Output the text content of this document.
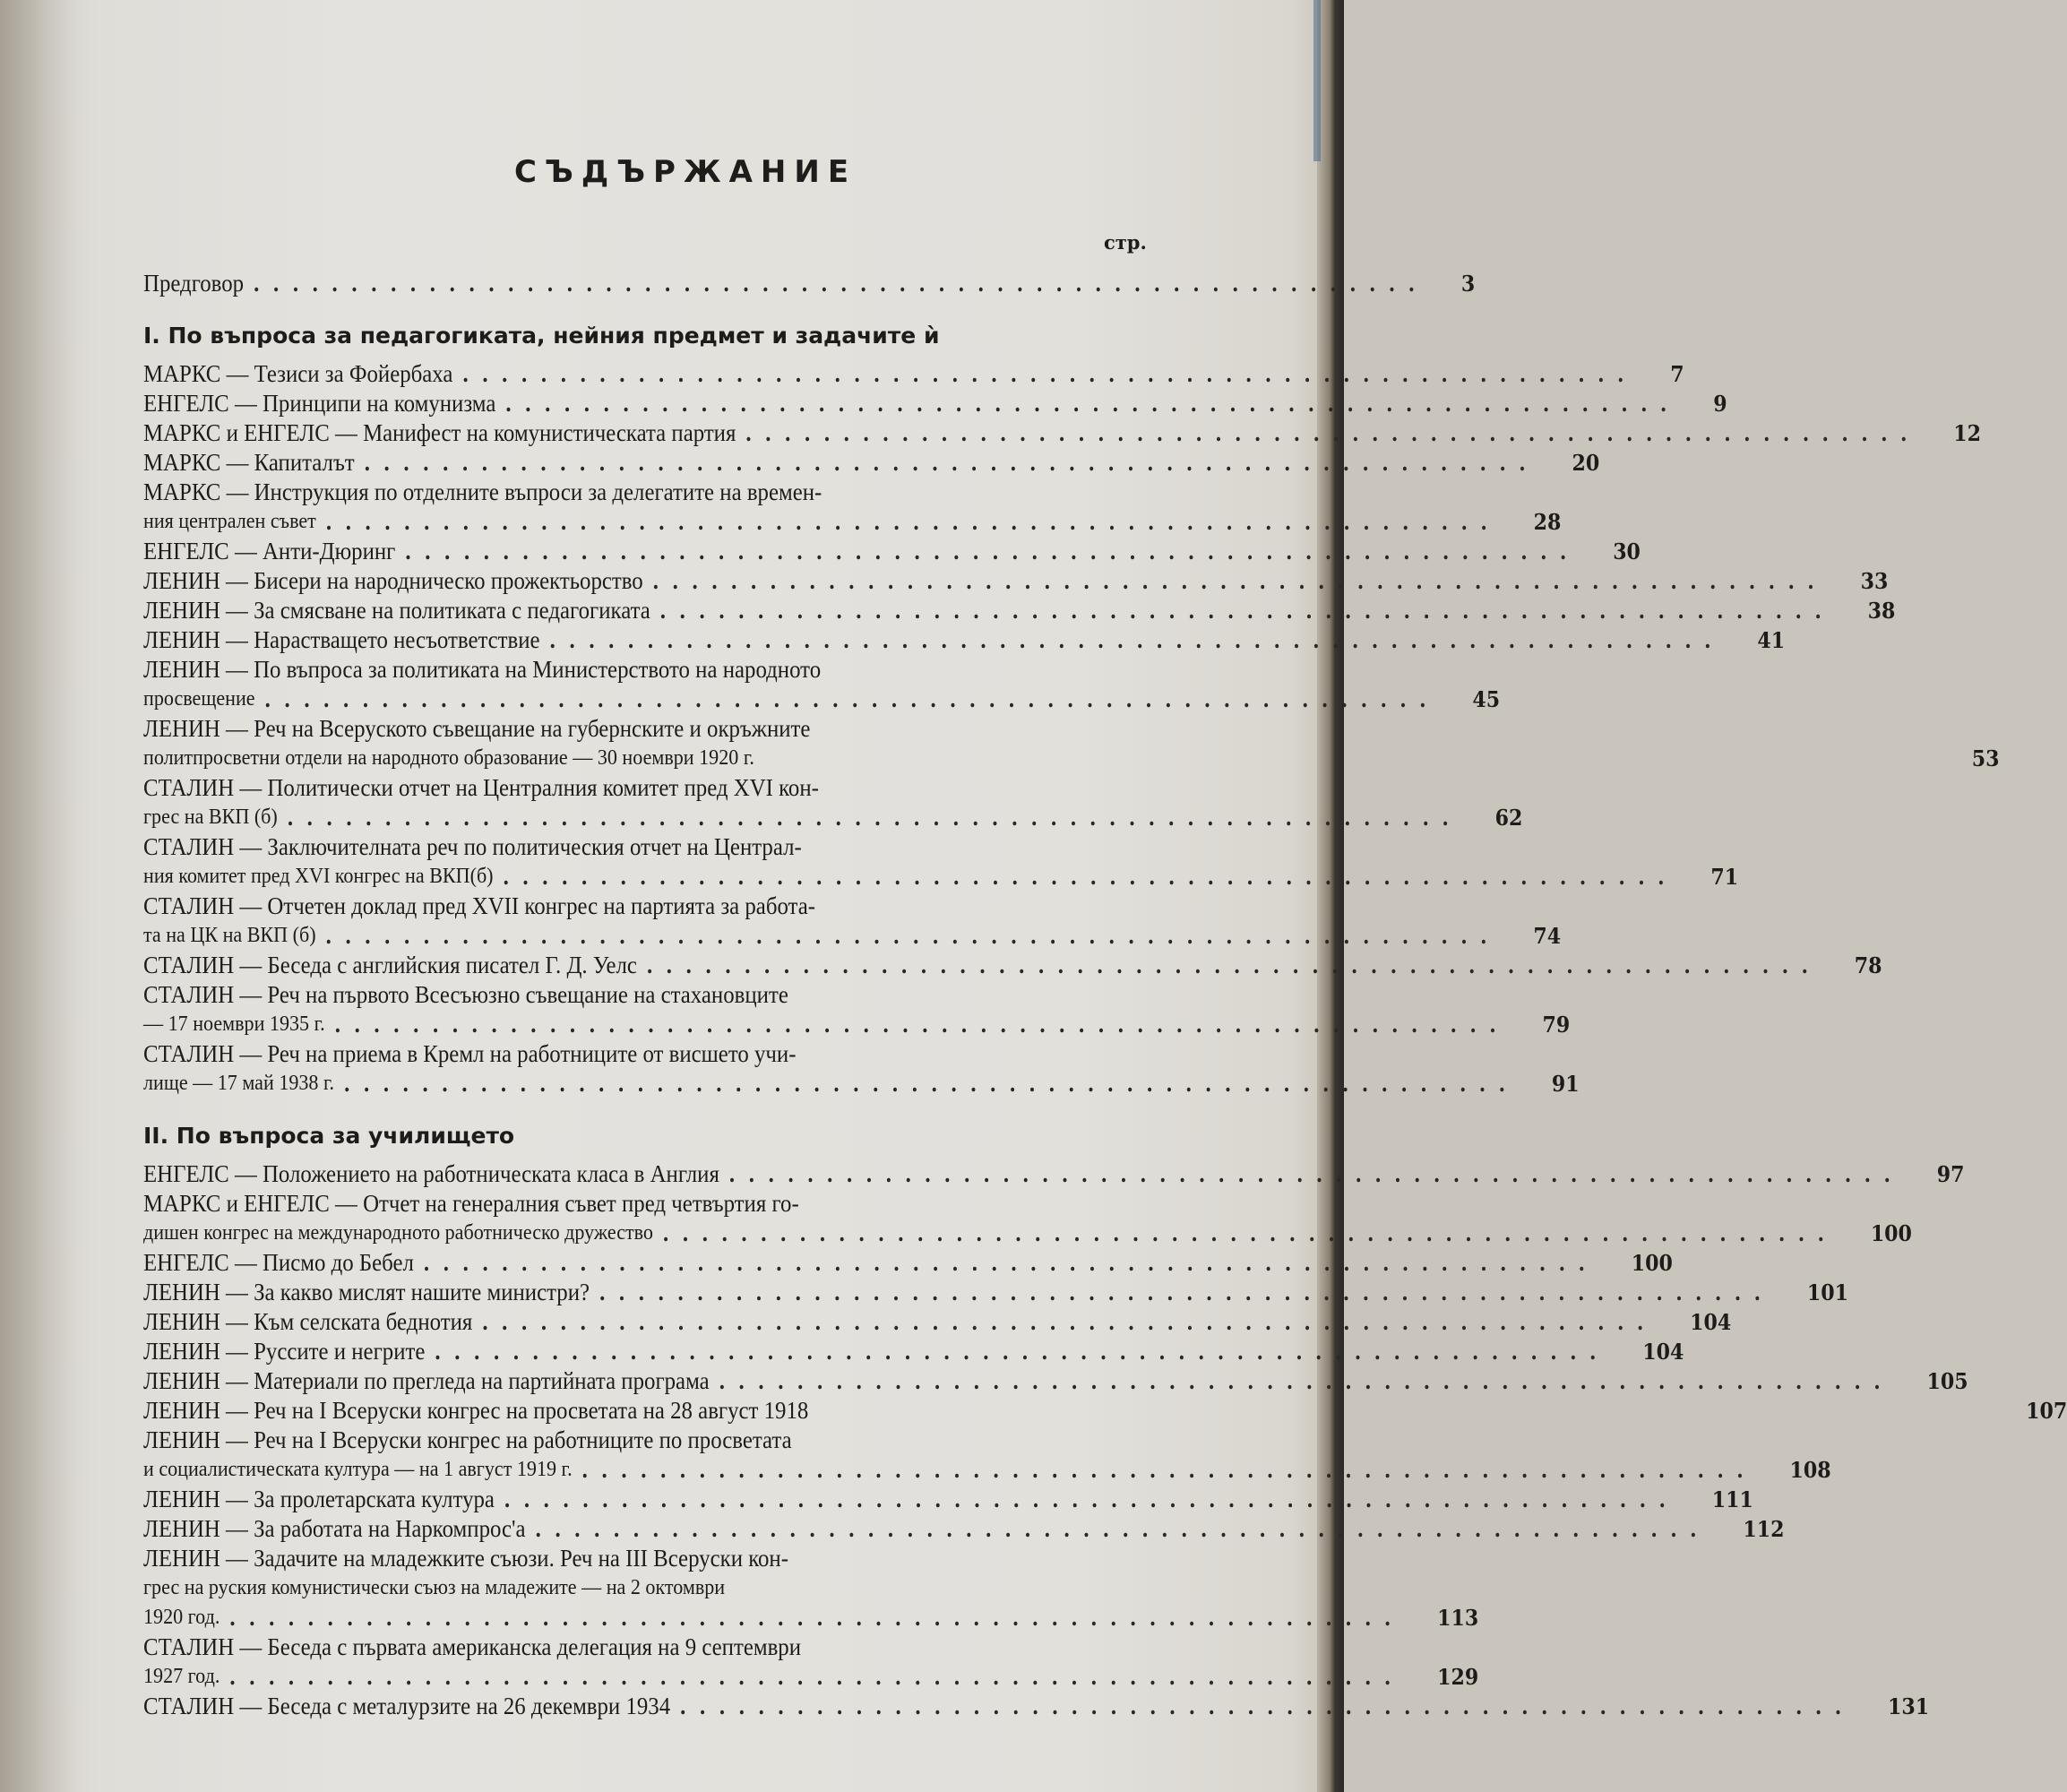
СЪДЪРЖАНИЕ
стр.
Предговор ............................................................ 3
I. По въпроса за педагогиката, нейния предмет и задачите ѝ
МАРКС — Тезиси за Фойербаха ............................................................ 7
ЕНГЕЛС — Принципи на комунизма ............................................................ 9
МАРКС и ЕНГЕЛС — Манифест на комунистическата партия ............................................................ 12
МАРКС — Капиталът ............................................................ 20
МАРКС — Инструкция по отделните въпроси за делегатите на времен-
ния централен съвет ............................................................ 28
ЕНГЕЛС — Анти-Дюринг ............................................................ 30
ЛЕНИН — Бисери на народническо прожектьорство ............................................................ 33
ЛЕНИН — За смясване на политиката с педагогиката ............................................................ 38
ЛЕНИН — Нарастващето несъответствие ............................................................ 41
ЛЕНИН — По въпроса за политиката на Министерството на народното
просвещение ............................................................ 45
ЛЕНИН — Реч на Всеруското съвещание на губернските и окръжните
политпросветни отдели на народното образование — 30 ноември 1920 г.	53
СТАЛИН — Политически отчет на Централния комитет пред XVI кон-
грес на ВКП (б) ............................................................ 62
СТАЛИН — Заключителната реч по политическия отчет на Централ-
ния комитет пред XVI конгрес на ВКП(б) ............................................................ 71
СТАЛИН — Отчетен доклад пред XVII конгрес на партията за работа-
та на ЦК на ВКП (б) ............................................................ 74
СТАЛИН — Беседа с английския писател Г. Д. Уелс ............................................................ 78
СТАЛИН — Реч на първото Всесъюзно съвещание на стахановците
— 17 ноември 1935 г. ............................................................ 79
СТАЛИН — Реч на приема в Кремл на работниците от висшето учи-
лище — 17 май 1938 г. ............................................................ 91
II. По въпроса за училището
ЕНГЕЛС — Положението на работническата класа в Англия ............................................................ 97
МАРКС и ЕНГЕЛС — Отчет на генералния съвет пред четвъртия го-
дишен конгрес на международното работническо дружество ............................................................ 100
ЕНГЕЛС — Писмо до Бебел ............................................................ 100
ЛЕНИН — За какво мислят нашите министри? ............................................................ 101
ЛЕНИН — Към селската беднотия ............................................................ 104
ЛЕНИН — Руссите и негрите ............................................................ 104
ЛЕНИН — Материали по прегледа на партийната програма ............................................................ 105
ЛЕНИН — Реч на I Всеруски конгрес на просветата на 28 август 1918	107
ЛЕНИН — Реч на I Всеруски конгрес на работниците по просветата
и социалистическата култура — на 1 август 1919 г. ............................................................ 108
ЛЕНИН — За пролетарската култура ............................................................ 111
ЛЕНИН — За работата на Наркомпрос'а ............................................................ 112
ЛЕНИН — Задачите на младежките съюзи. Реч на III Всеруски кон-
грес на руския комунистически съюз на младежите — на 2 октомври
1920 год. ............................................................ 113
СТАЛИН — Беседа с първата американска делегация на 9 септември
1927 год. ............................................................ 129
СТАЛИН — Беседа с металурзите на 26 декември 1934 ............................................................ 131
